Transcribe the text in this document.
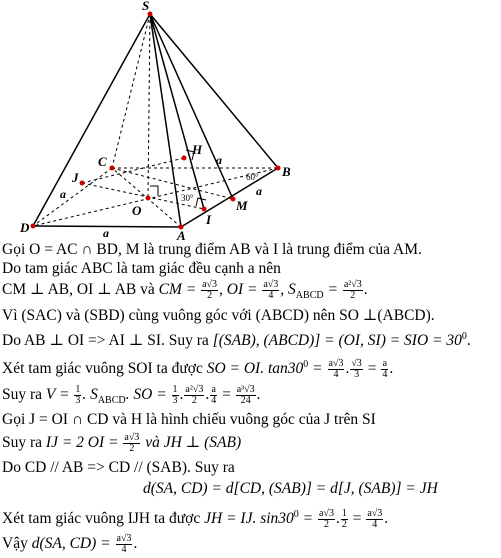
S
H
B
C
J
O	M
I
A
D
a
a
a
a
60°
30°
Gọi O = AC ∩ BD, M là trung điểm AB và I là trung điểm của AM.
Do tam giác ABC là tam giác đều cạnh a nên
CM ⊥ AB, OI ⊥ AB và CM = $\frac{a√3}{2}$ , OI = $\frac{a√3}{4}$ , $S_{ABCD} = \frac{\text{a²√3}}{2}$ .
Vì (SAC) và (SBD) cùng vuông góc với (ABCD) nên SO ⊥(ABCD).
Do AB ⊥ OI => AI ⊥ SI. Suy ra [(SAB), (ABCD)] = (OI, SI) = SIO = $30^0$.
Xét tam giác vuông SOI ta được SO = OI. $\tan 30^0 = \frac{a√3}{4}$ . $\frac{√3}{3} = \frac{a}{4}$ .
Suy ra $V = \frac{1}{3}$ . $S_{ABCD}$. SO = $\frac{1}{3}$ . $\frac{\text{a²√3}}{2}$ . $\frac{a}{4} = \frac{\text{a³√3}}{24}$ .
Gọi J = OI ∩ CD và H là hình chiếu vuông góc của J trên SI
Suy ra IJ = 2 OI = $\frac{a√3}{2}$ và JH ⊥ (SAB)
Do CD // AB => CD // (SAB). Suy ra
d(SA, CD) = d[CD, (SAB)] = d[J, (SAB)] = JH
Xét tam giác vuông IJH ta được JH = IJ. $\sin 30^0 = \frac{a√3}{2}$ . $\frac{1}{2} = \frac{a√3}{4}$ .
Vậy d(SA, $CD) = \frac{a√3}{4}$ .
